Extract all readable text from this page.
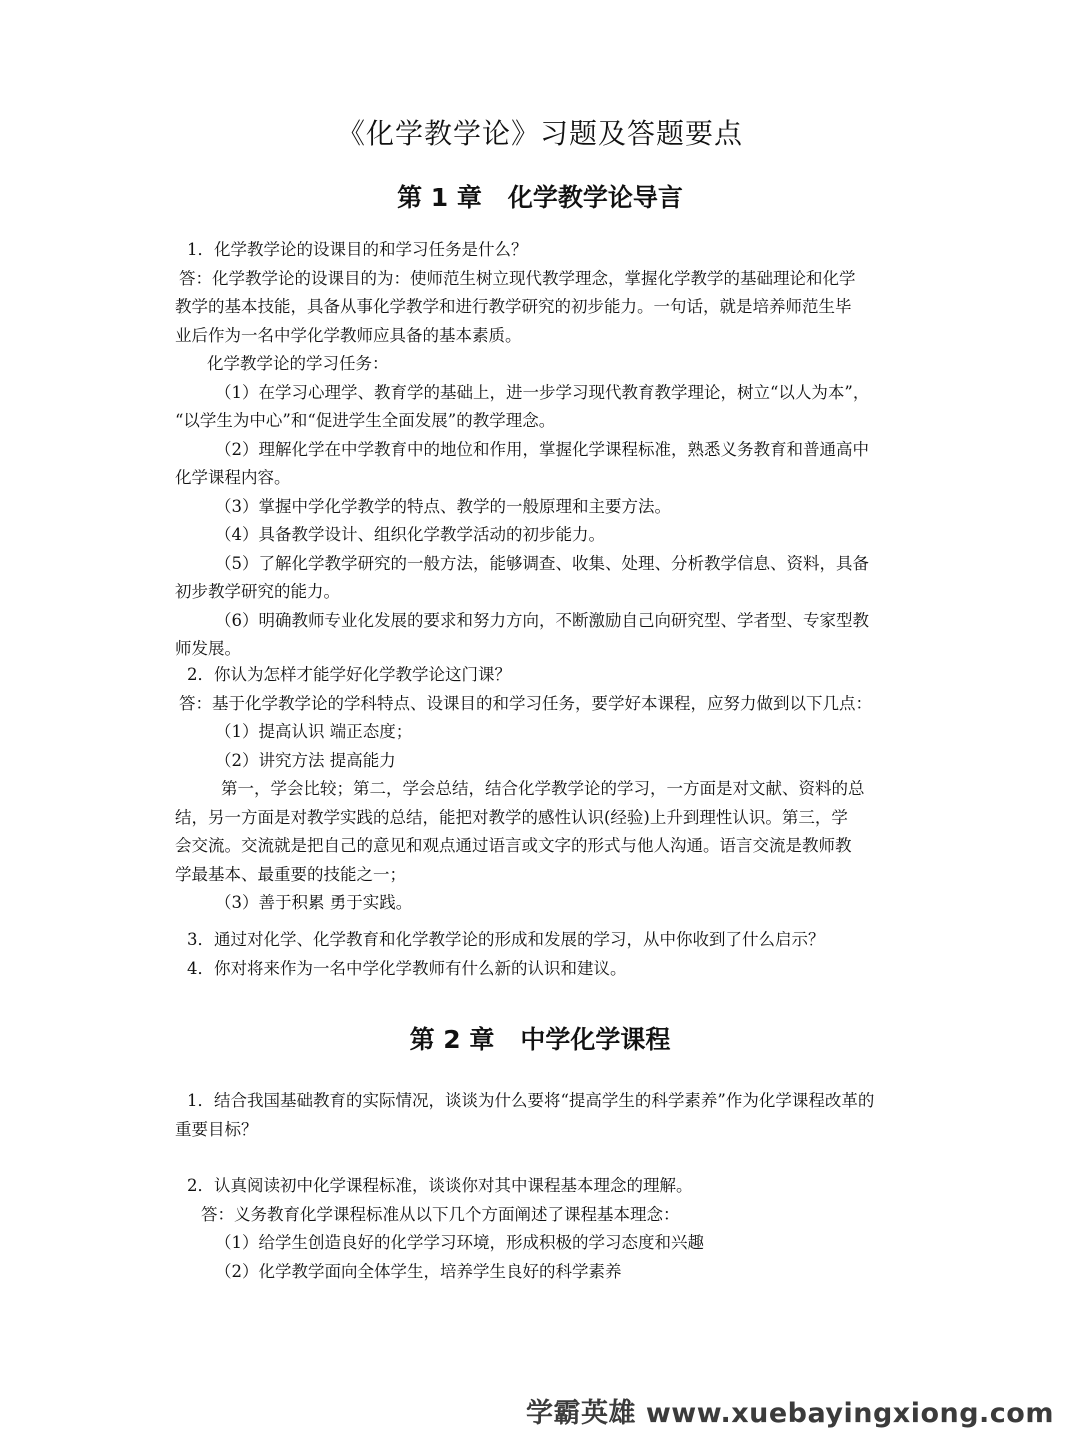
《化学教学论》习题及答题要点
第 1 章 化学教学论导言

1．化学教学论的设课目的和学习任务是什么？

答：化学教学论的设课目的为：使师范生树立现代教学理念，掌握化学教学的基础理论和化学

教学的基本技能，具备从事化学教学和进行教学研究的初步能力。一句话，就是培养师范生毕

业后作为一名中学化学教师应具备的基本素质。

化学教学论的学习任务：

（1）在学习心理学、教育学的基础上，进一步学习现代教育教学理论，树立“以人为本”，

“以学生为中心”和“促进学生全面发展”的教学理念。

（2）理解化学在中学教育中的地位和作用，掌握化学课程标准，熟悉义务教育和普通高中

化学课程内容。

（3）掌握中学化学教学的特点、教学的一般原理和主要方法。

（4）具备教学设计、组织化学教学活动的初步能力。

（5）了解化学教学研究的一般方法，能够调查、收集、处理、分析教学信息、资料，具备

初步教学研究的能力。

（6）明确教师专业化发展的要求和努力方向，不断激励自己向研究型、学者型、专家型教

师发展。

2．你认为怎样才能学好化学教学论这门课？

答：基于化学教学论的学科特点、设课目的和学习任务，要学好本课程，应努力做到以下几点：

（1）提高认识 端正态度；

（2）讲究方法 提高能力

第一，学会比较；第二，学会总结，结合化学教学论的学习，一方面是对文献、资料的总

结，另一方面是对教学实践的总结，能把对教学的感性认识(经验)上升到理性认识。第三，学

会交流。交流就是把自己的意见和观点通过语言或文字的形式与他人沟通。语言交流是教师教

学最基本、最重要的技能之一；

（3）善于积累 勇于实践。

3．通过对化学、化学教育和化学教学论的形成和发展的学习，从中你收到了什么启示？

4．你对将来作为一名中学化学教师有什么新的认识和建议。

第 2 章 中学化学课程

1．结合我国基础教育的实际情况，谈谈为什么要将“提高学生的科学素养”作为化学课程改革的

重要目标？

2．认真阅读初中化学课程标准，谈谈你对其中课程基本理念的理解。

答：义务教育化学课程标准从以下几个方面阐述了课程基本理念：

（1）给学生创造良好的化学学习环境，形成积极的学习态度和兴趣

（2）化学教学面向全体学生，培养学生良好的科学素养

学霸英雄 www.xuebayingxiong.com
